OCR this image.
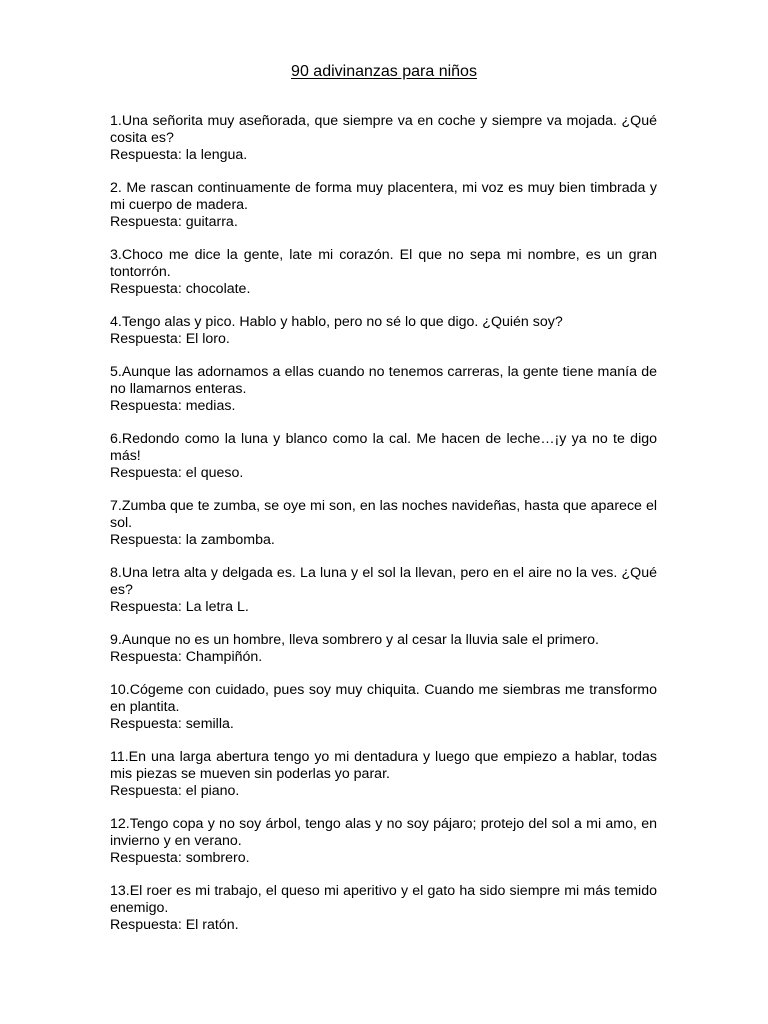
90 adivinanzas para niños

1.Una señorita muy aseñorada, que siempre va en coche y siempre va mojada. ¿Qué cosita es?

Respuesta: la lengua.

2. Me rascan continuamente de forma muy placentera, mi voz es muy bien timbrada y mi cuerpo de madera.

Respuesta: guitarra.

3.Choco me dice la gente, late mi corazón. El que no sepa mi nombre, es un gran tontorrón.

Respuesta: chocolate.

4.Tengo alas y pico. Hablo y hablo, pero no sé lo que digo. ¿Quién soy?

Respuesta: El loro.

5.Aunque las adornamos a ellas cuando no tenemos carreras, la gente tiene manía de no llamarnos enteras.

Respuesta: medias.

6.Redondo como la luna y blanco como la cal. Me hacen de leche…¡y ya no te digo más!

Respuesta: el queso.

7.Zumba que te zumba, se oye mi son, en las noches navideñas, hasta que aparece el sol.

Respuesta: la zambomba.

8.Una letra alta y delgada es. La luna y el sol la llevan, pero en el aire no la ves. ¿Qué es?

Respuesta: La letra L.

9.Aunque no es un hombre, lleva sombrero y al cesar la lluvia sale el primero.

Respuesta: Champiñón.

10.Cógeme con cuidado, pues soy muy chiquita. Cuando me siembras me transformo en plantita.

Respuesta: semilla.

11.En una larga abertura tengo yo mi dentadura y luego que empiezo a hablar, todas mis piezas se mueven sin poderlas yo parar.

Respuesta: el piano.

12.Tengo copa y no soy árbol, tengo alas y no soy pájaro; protejo del sol a mi amo, en invierno y en verano.

Respuesta: sombrero.

13.El roer es mi trabajo, el queso mi aperitivo y el gato ha sido siempre mi más temido enemigo.

Respuesta: El ratón.
